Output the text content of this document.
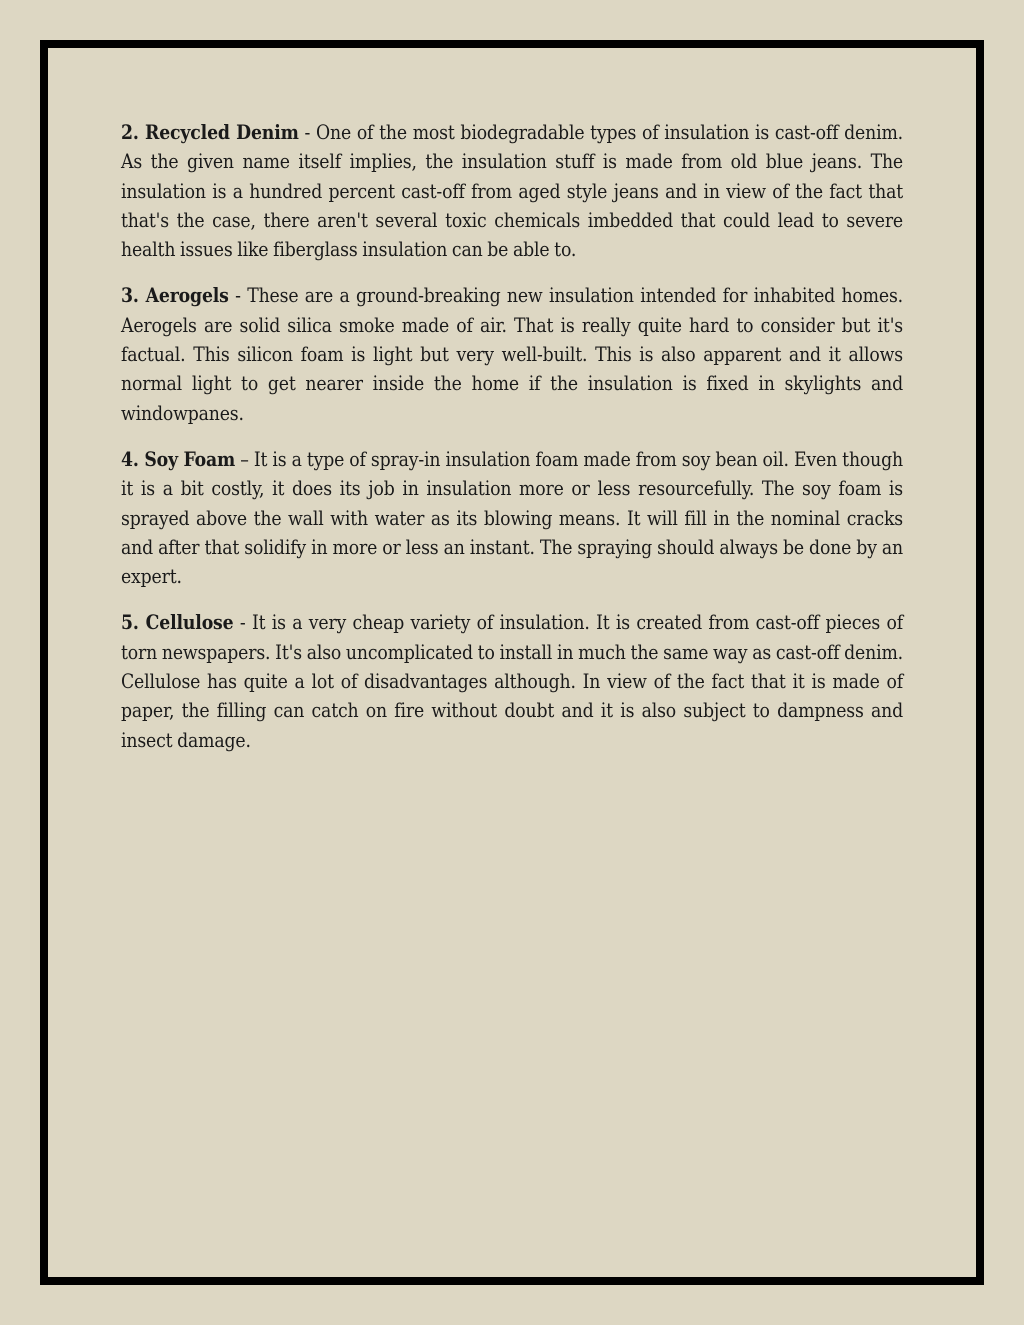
2. Recycled Denim - One of the most biodegradable types of insulation is cast-off denim. As the given name itself implies, the insulation stuff is made from old blue jeans. The insulation is a hundred percent cast-off from aged style jeans and in view of the fact that that's the case, there aren't several toxic chemicals imbedded that could lead to severe health issues like fiberglass insulation can be able to.

3. Aerogels - These are a ground-breaking new insulation intended for inhabited homes. Aerogels are solid silica smoke made of air. That is really quite hard to consider but it's factual. This silicon foam is light but very well-built. This is also apparent and it allows normal light to get nearer inside the home if the insulation is fixed in skylights and windowpanes.

4. Soy Foam – It is a type of spray-in insulation foam made from soy bean oil. Even though it is a bit costly, it does its job in insulation more or less resourcefully. The soy foam is sprayed above the wall with water as its blowing means. It will fill in the nominal cracks and after that solidify in more or less an instant. The spraying should always be done by an expert.

5. Cellulose - It is a very cheap variety of insulation. It is created from cast-off pieces of torn newspapers. It's also uncomplicated to install in much the same way as cast-off denim. Cellulose has quite a lot of disadvantages although. In view of the fact that it is made of paper, the filling can catch on fire without doubt and it is also subject to dampness and insect damage.
